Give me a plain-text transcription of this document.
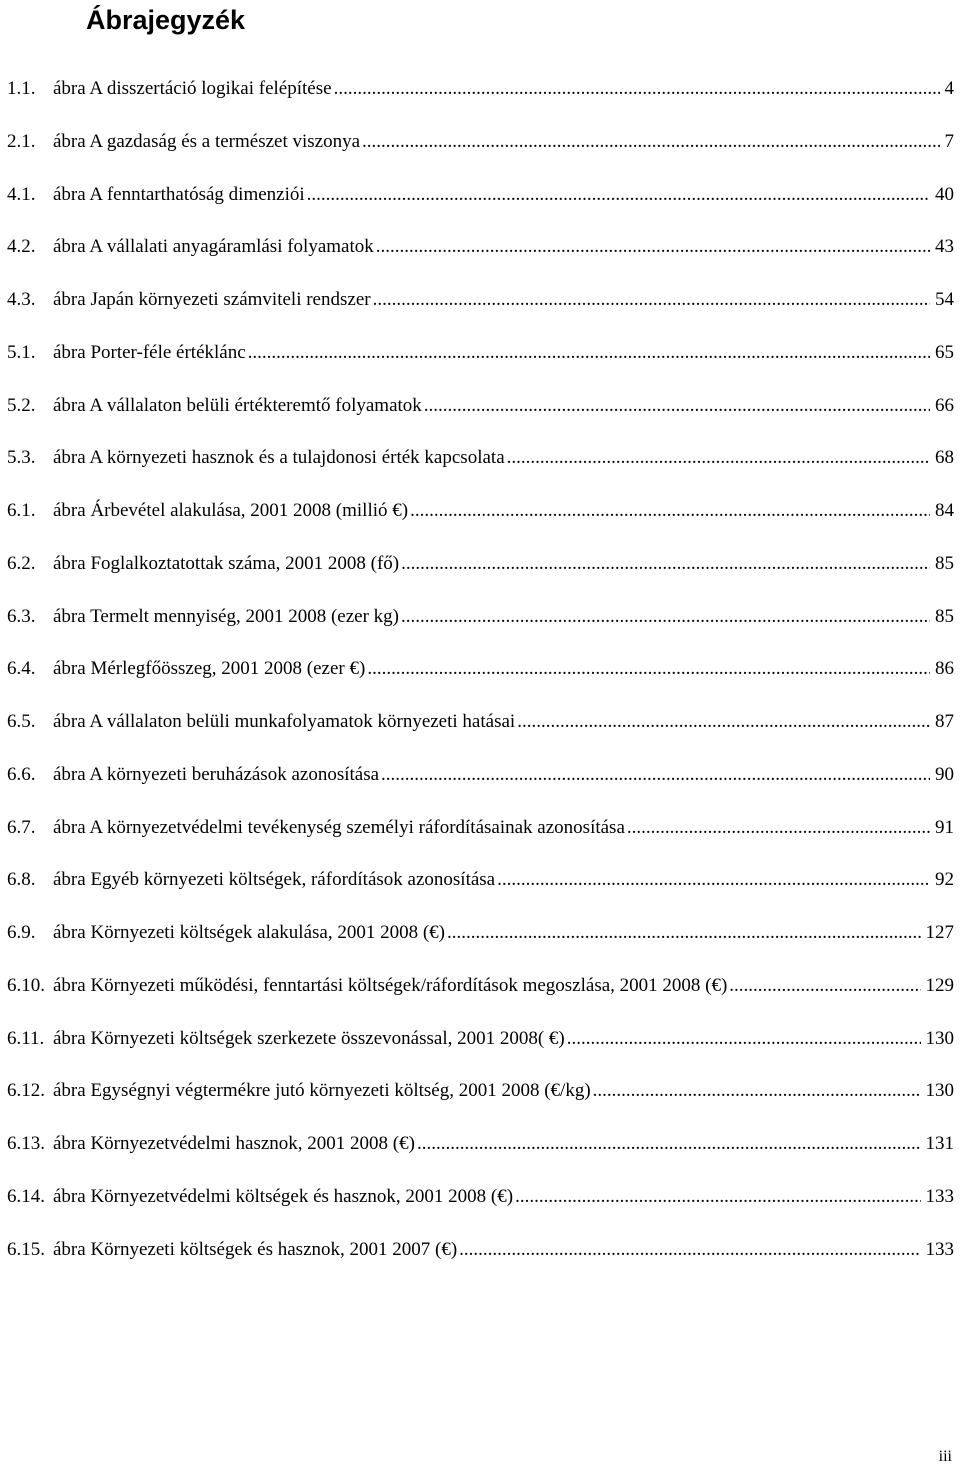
Ábrajegyzék
1.1. ábra A disszertáció logikai felépítése .....	4
2.1. ábra A gazdaság és a természet viszonya .....	7
4.1. ábra A fenntarthatóság dimenziói .....	40
4.2. ábra A vállalati anyagáramlási folyamatok .....	43
4.3. ábra Japán környezeti számviteli rendszer .....	54
5.1. ábra Porter-féle értéklánc .....	65
5.2. ábra A vállalaton belüli értékteremtő folyamatok .....	66
5.3. ábra A környezeti hasznok és a tulajdonosi érték kapcsolata .....	68
6.1. ábra Árbevétel alakulása, 2001 2008 (millió €) .....	84
6.2. ábra Foglalkoztatottak száma, 2001 2008 (fő) .....	85
6.3. ábra Termelt mennyiség, 2001 2008 (ezer kg) .....	85
6.4. ábra Mérlegfőösszeg, 2001 2008 (ezer €) .....	86
6.5. ábra A vállalaton belüli munkafolyamatok környezeti hatásai .....	87
6.6. ábra A környezeti beruházások azonosítása .....	90
6.7. ábra A környezetvédelmi tevékenység személyi ráfordításainak azonosítása .....	91
6.8. ábra Egyéb környezeti költségek, ráfordítások azonosítása .....	92
6.9. ábra Környezeti költségek alakulása, 2001 2008 (€) .....	127
6.10. ábra Környezeti működési, fenntartási költségek/ráfordítások megoszlása, 2001 2008 (€) .....	129
6.11. ábra Környezeti költségek szerkezete összevonással, 2001 2008( €) .....	130
6.12. ábra Egységnyi végtermékre jutó környezeti költség, 2001 2008 (€/kg) .....	130
6.13. ábra Környezetvédelmi hasznok, 2001 2008 (€) .....	131
6.14. ábra Környezetvédelmi költségek és hasznok, 2001 2008 (€) .....	133
6.15. ábra Környezeti költségek és hasznok, 2001 2007 (€) .....	133
iii
